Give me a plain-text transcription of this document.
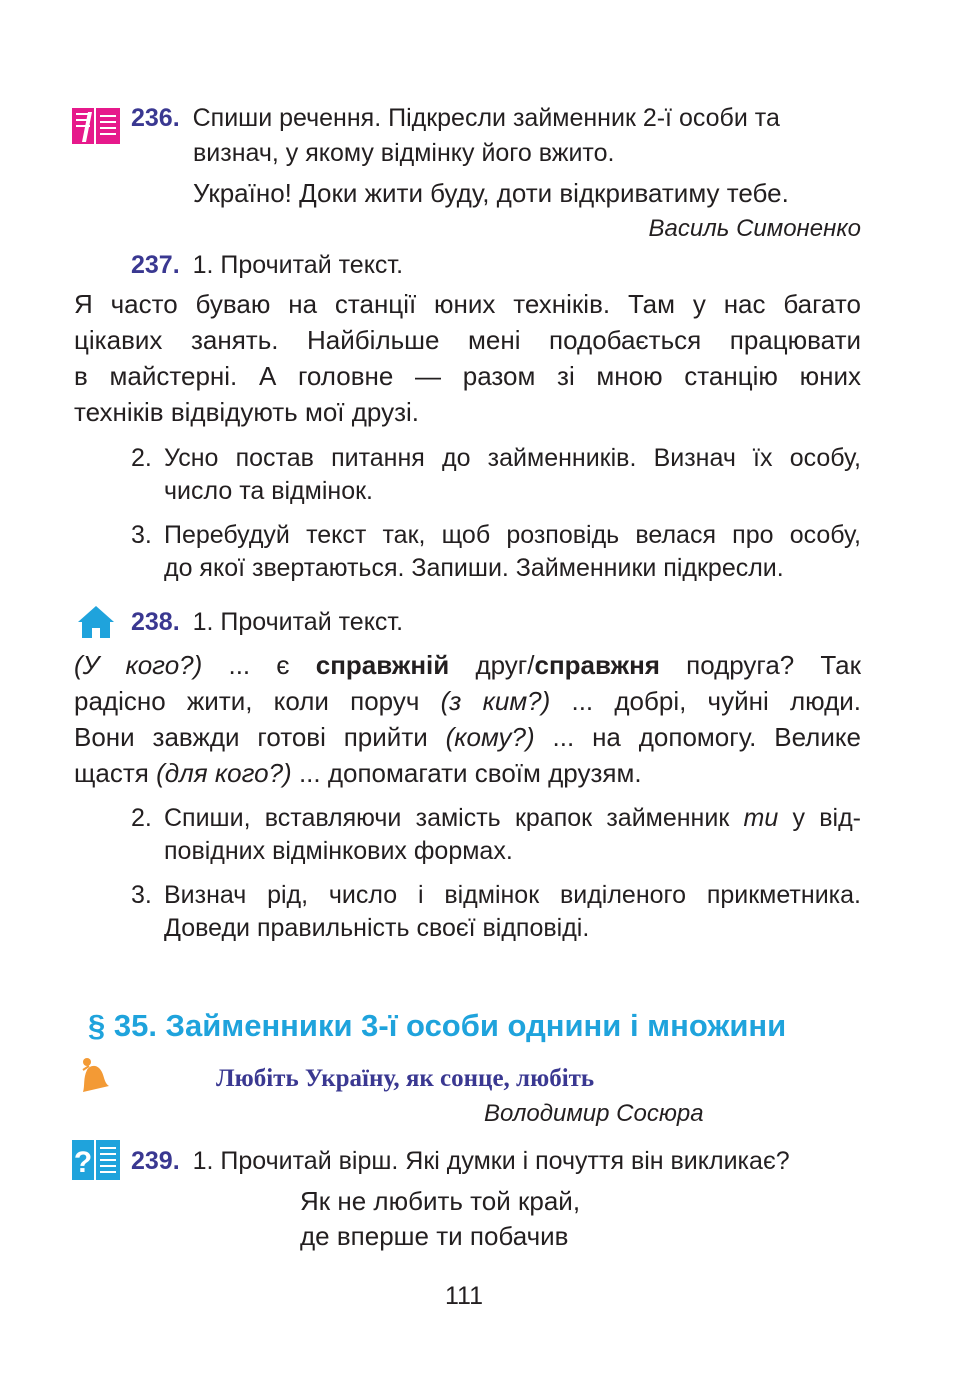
236. Спиши речення. Підкресли займенник 2-ї особи та
визнач, у якому відмінку його вжито.
Україно! Доки жити буду, доти відкриватиму тебе.
Василь Симоненко
237. 1. Прочитай текст.
Я часто буваю на станції юних техніків. Там у нас багато
цікавих занять. Найбільше мені подобається працювати
в майстерні. А головне — разом зі мною станцію юних
техніків відвідують мої друзі.
2. Усно постав питання до займенників. Визнач їх особу,
число та відмінок.
3. Перебудуй текст так, щоб розповідь велася про особу,
до якої звертаються. Запиши. Займенники підкресли.
238. 1. Прочитай текст.
(У кого?) ... є справжній друг/справжня подруга? Так
радісно жити, коли поруч (з ким?) ... добрі, чуйні люди.
Вони завжди готові прийти (кому?) ... на допомогу. Велике
щастя (для кого?) ... допомагати своїм друзям.
2. Спиши, вставляючи замість крапок займенник ти у від-
повідних відмінкових формах.
3. Визнач рід, число і відмінок виділеного прикметника.
Доведи правильність своєї відповіді.
§ 35. Займенники 3-ї особи однини і множини
Любіть Україну, як сонце, любіть
Володимир Сосюра
? 239. 1. Прочитай вірш. Які думки і почуття він викликає?
Як не любить той край,
де вперше ти побачив
111
